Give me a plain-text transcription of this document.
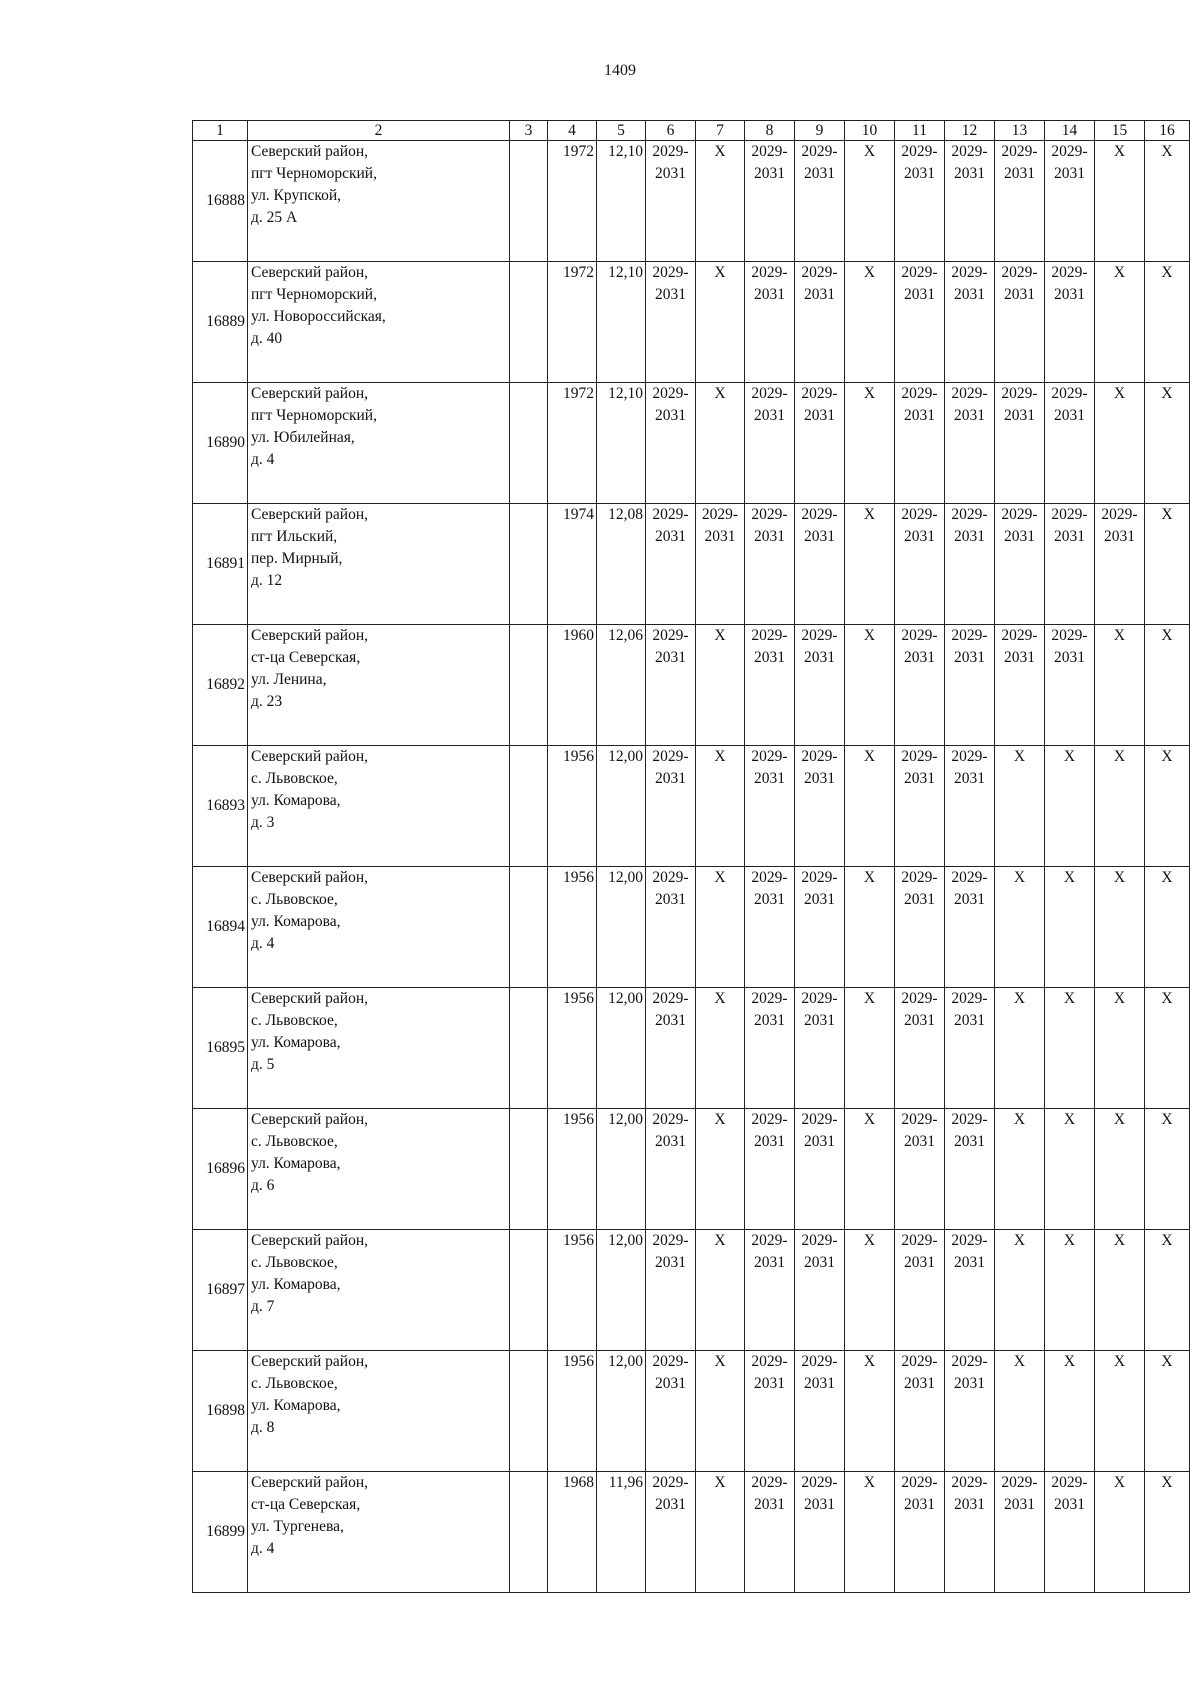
1409
1	2	3	4	5	6	7	8	9	10	11	12	13	14	15	16
16888	Северский район,
пгт Черноморский,
ул. Крупской,
д. 25 А		1972	12,10	2029-2031	X	2029-2031	2029-2031	X	2029-2031	2029-2031	2029-2031	2029-2031	X	X
16889	Северский район,
пгт Черноморский,
ул. Новороссийская,
д. 40		1972	12,10	2029-2031	X	2029-2031	2029-2031	X	2029-2031	2029-2031	2029-2031	2029-2031	X	X
16890	Северский район,
пгт Черноморский,
ул. Юбилейная,
д. 4		1972	12,10	2029-2031	X	2029-2031	2029-2031	X	2029-2031	2029-2031	2029-2031	2029-2031	X	X
16891	Северский район,
пгт Ильский,
пер. Мирный,
д. 12		1974	12,08	2029-2031	2029-2031	2029-2031	2029-2031	X	2029-2031	2029-2031	2029-2031	2029-2031	2029-2031	X
16892	Северский район,
ст-ца Северская,
ул. Ленина,
д. 23		1960	12,06	2029-2031	X	2029-2031	2029-2031	X	2029-2031	2029-2031	2029-2031	2029-2031	X	X
16893	Северский район,
с. Львовское,
ул. Комарова,
д. 3		1956	12,00	2029-2031	X	2029-2031	2029-2031	X	2029-2031	2029-2031	X	X	X	X
16894	Северский район,
с. Львовское,
ул. Комарова,
д. 4		1956	12,00	2029-2031	X	2029-2031	2029-2031	X	2029-2031	2029-2031	X	X	X	X
16895	Северский район,
с. Львовское,
ул. Комарова,
д. 5		1956	12,00	2029-2031	X	2029-2031	2029-2031	X	2029-2031	2029-2031	X	X	X	X
16896	Северский район,
с. Львовское,
ул. Комарова,
д. 6		1956	12,00	2029-2031	X	2029-2031	2029-2031	X	2029-2031	2029-2031	X	X	X	X
16897	Северский район,
с. Львовское,
ул. Комарова,
д. 7		1956	12,00	2029-2031	X	2029-2031	2029-2031	X	2029-2031	2029-2031	X	X	X	X
16898	Северский район,
с. Львовское,
ул. Комарова,
д. 8		1956	12,00	2029-2031	X	2029-2031	2029-2031	X	2029-2031	2029-2031	X	X	X	X
16899	Северский район,
ст-ца Северская,
ул. Тургенева,
д. 4		1968	11,96	2029-2031	X	2029-2031	2029-2031	X	2029-2031	2029-2031	2029-2031	2029-2031	X	X
